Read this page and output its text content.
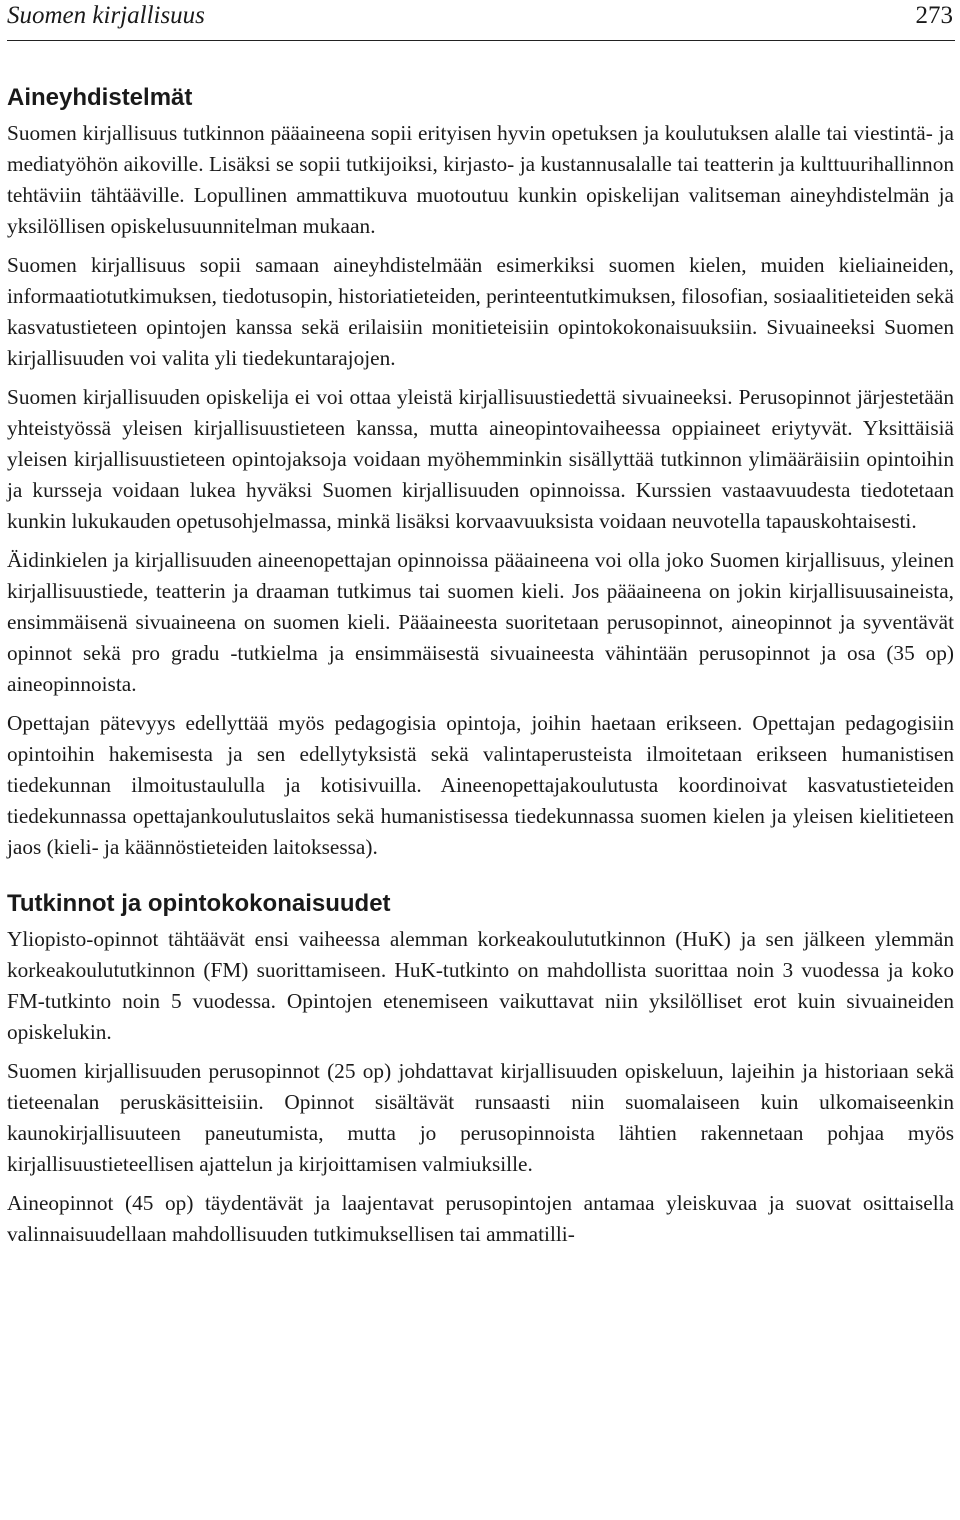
Suomen kirjallisuus	273
Aineyhdistelmät

Suomen kirjallisuus tutkinnon pääaineena sopii erityisen hyvin opetuksen ja koulutuksen alalle tai viestintä- ja mediatyöhön aikoville. Lisäksi se sopii tutkijoiksi, kirjasto- ja kustannusalalle tai teatterin ja kulttuurihallinnon tehtäviin tähtääville. Lopullinen ammattikuva muotoutuu kunkin opiskelijan valitseman aineyhdistelmän ja yksilöllisen opiskelusuunnitelman mukaan.

Suomen kirjallisuus sopii samaan aineyhdistelmään esimerkiksi suomen kielen, muiden kieliaineiden, informaatiotutkimuksen, tiedotusopin, historiatieteiden, perinteentutkimuksen, filosofian, sosiaalitieteiden sekä kasvatustieteen opintojen kanssa sekä erilaisiin monitieteisiin opintokokonaisuuksiin. Sivuaineeksi Suomen kirjallisuuden voi valita yli tiedekuntarajojen.

Suomen kirjallisuuden opiskelija ei voi ottaa yleistä kirjallisuustiedettä sivuaineeksi. Perusopinnot järjestetään yhteistyössä yleisen kirjallisuustieteen kanssa, mutta aineopintovaiheessa oppiaineet eriytyvät. Yksittäisiä yleisen kirjallisuustieteen opintojaksoja voidaan myöhemminkin sisällyttää tutkinnon ylimääräisiin opintoihin ja kursseja voidaan lukea hyväksi Suomen kirjallisuuden opinnoissa. Kurssien vastaavuudesta tiedotetaan kunkin lukukauden opetusohjelmassa, minkä lisäksi korvaavuuksista voidaan neuvotella tapauskohtaisesti.

Äidinkielen ja kirjallisuuden aineenopettajan opinnoissa pääaineena voi olla joko Suomen kirjallisuus, yleinen kirjallisuustiede, teatterin ja draaman tutkimus tai suomen kieli. Jos pääaineena on jokin kirjallisuusaineista, ensimmäisenä sivuaineena on suomen kieli. Pääaineesta suoritetaan perusopinnot, aineopinnot ja syventävät opinnot sekä pro gradu -tutkielma ja ensimmäisestä sivuaineesta vähintään perusopinnot ja osa (35 op) aineopinnoista.

Opettajan pätevyys edellyttää myös pedagogisia opintoja, joihin haetaan erikseen. Opettajan pedagogisiin opintoihin hakemisesta ja sen edellytyksistä sekä valintaperusteista ilmoitetaan erikseen humanistisen tiedekunnan ilmoitustaululla ja kotisivuilla. Aineenopettajakoulutusta koordinoivat kasvatustieteiden tiedekunnassa opettajankoulutuslaitos sekä humanistisessa tiedekunnassa suomen kielen ja yleisen kielitieteen jaos (kieli- ja käännöstieteiden laitoksessa).

Tutkinnot ja opintokokonaisuudet

Yliopisto-opinnot tähtäävät ensi vaiheessa alemman korkeakoulututkinnon (HuK) ja sen jälkeen ylemmän korkeakoulututkinnon (FM) suorittamiseen. HuK-tutkinto on mahdollista suorittaa noin 3 vuodessa ja koko FM-tutkinto noin 5 vuodessa. Opintojen etenemiseen vaikuttavat niin yksilölliset erot kuin sivuaineiden opiskelukin.

Suomen kirjallisuuden perusopinnot (25 op) johdattavat kirjallisuuden opiskeluun, lajeihin ja historiaan sekä tieteenalan peruskäsitteisiin. Opinnot sisältävät runsaasti niin suomalaiseen kuin ulkomaiseenkin kaunokirjallisuuteen paneutumista, mutta jo perusopinnoista lähtien rakennetaan pohjaa myös kirjallisuustieteellisen ajattelun ja kirjoittamisen valmiuksille.

Aineopinnot (45 op) täydentävät ja laajentavat perusopintojen antamaa yleiskuvaa ja suovat osittaisella valinnaisuudellaan mahdollisuuden tutkimuksellisen tai ammatilli-
